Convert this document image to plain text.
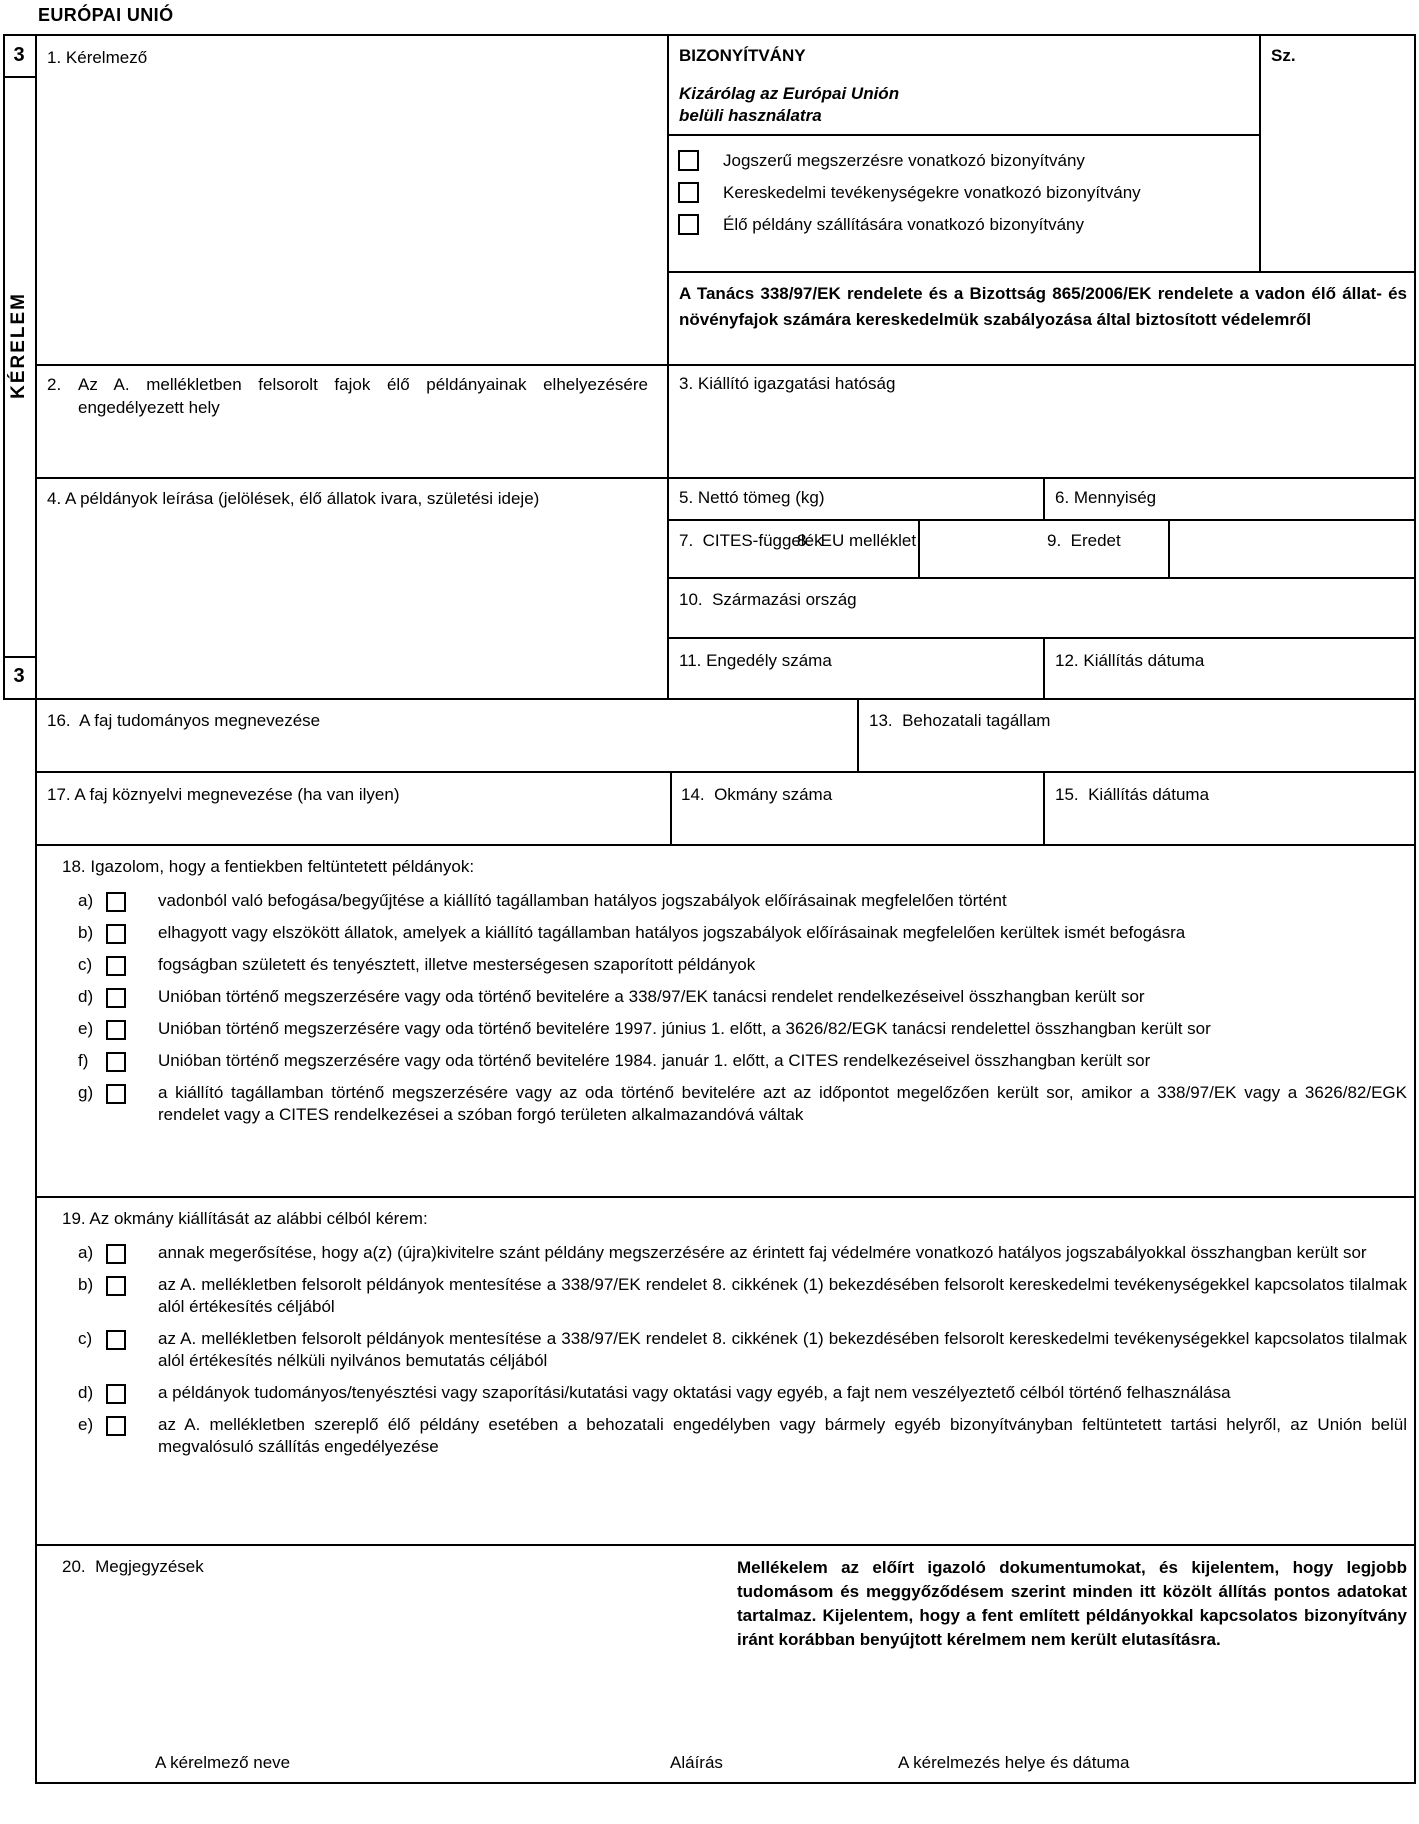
EURÓPAI UNIÓ
3
KÉRELEM
3
1. Kérelmező	BIZONYÍTVÁNY
Kizárólag az Európai Unión
belüli használatra
Sz.
Jogszerű megszerzésre vonatkozó bizonyítvány
Kereskedelmi tevékenységekre vonatkozó bizonyítvány
Élő példány szállítására vonatkozó bizonyítvány
A Tanács 338/97/EK rendelete és a Bizottság 865/2006/EK rendelete a vadon élő állat- és növényfajok számára kereskedelmük szabályozása által biztosított védelemről
2. Az A. mellékletben felsorolt fajok élő példányainak elhelyezésére engedélyezett hely
3. Kiállító igazgatási hatóság
4. A példányok leírása (jelölések, élő állatok ivara, születési ideje)	5. Nettó tömeg (kg)	6. Mennyiség
7.  CITES-függelék
8.  EU melléklet	9.  Eredet
10.  Származási ország
11. Engedély száma	12. Kiállítás dátuma
16.  A faj tudományos megnevezése	13.  Behozatali tagállam
17. A faj köznyelvi megnevezése (ha van ilyen)	14.  Okmány száma	15.  Kiállítás dátuma
18. Igazolom, hogy a fentiekben feltüntetett példányok:
a)	vadonból való befogása/begyűjtése a kiállító tagállamban hatályos jogszabályok előírásainak megfelelően történt
b)	elhagyott vagy elszökött állatok, amelyek a kiállító tagállamban hatályos jogszabályok előírásainak megfelelően kerültek ismét befogásra
c)	fogságban született és tenyésztett, illetve mesterségesen szaporított példányok
d)	Unióban történő megszerzésére vagy oda történő bevitelére a 338/97/EK tanácsi rendelet rendelkezéseivel összhangban került sor
e)	Unióban történő megszerzésére vagy oda történő bevitelére 1997. június 1. előtt, a 3626/82/EGK tanácsi rendelettel összhangban került sor
f)	Unióban történő megszerzésére vagy oda történő bevitelére 1984. január 1. előtt, a CITES rendelkezéseivel összhangban került sor
g)	a kiállító tagállamban történő megszerzésére vagy az oda történő bevitelére azt az időpontot megelőzően került sor, amikor a 338/97/EK vagy a 3626/82/EGK rendelet vagy a CITES rendelkezései a szóban forgó területen alkalmazandóvá váltak
19. Az okmány kiállítását az alábbi célból kérem:
a)	annak megerősítése, hogy a(z) (újra)kivitelre szánt példány megszerzésére az érintett faj védelmére vonatkozó hatályos jogszabályokkal összhangban került sor
b)	az A. mellékletben felsorolt példányok mentesítése a 338/97/EK rendelet 8. cikkének (1) bekezdésében felsorolt kereskedelmi tevékenységekkel kapcsolatos tilalmak alól értékesítés céljából
c)	az A. mellékletben felsorolt példányok mentesítése a 338/97/EK rendelet 8. cikkének (1) bekezdésében felsorolt kereskedelmi tevékenységekkel kapcsolatos tilalmak alól értékesítés nélküli nyilvános bemutatás céljából
d)	a példányok tudományos/tenyésztési vagy szaporítási/kutatási vagy oktatási vagy egyéb, a fajt nem veszélyeztető célból történő felhasználása
e)	az A. mellékletben szereplő élő példány esetében a behozatali engedélyben vagy bármely egyéb bizonyítványban feltüntetett tartási helyről, az Unión belül megvalósuló szállítás engedélyezése
20.  Megjegyzések	Mellékelem az előírt igazoló dokumentumokat, és kijelentem, hogy legjobb tudomásom és meggyőződésem szerint minden itt közölt állítás pontos adatokat tartalmaz. Kijelentem, hogy a fent említett példányokkal kapcsolatos bizonyítvány iránt korábban benyújtott kérelmem nem került elutasításra.
A kérelmező neve	Aláírás	A kérelmezés helye és dátuma
